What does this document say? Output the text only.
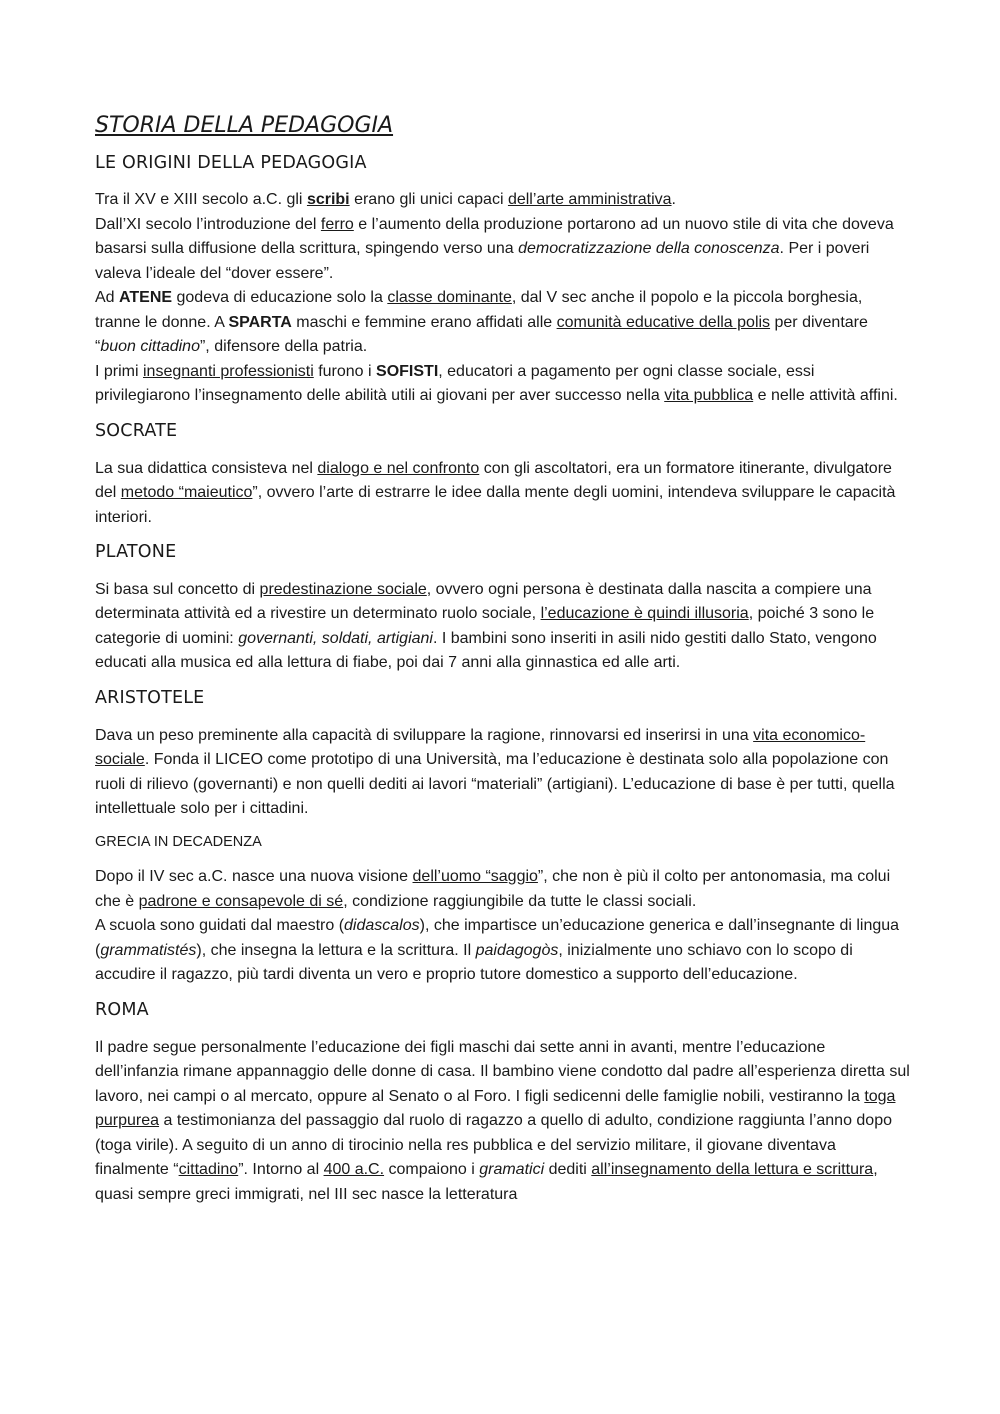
STORIA DELLA PEDAGOGIA
LE ORIGINI DELLA PEDAGOGIA

Tra il XV e XIII secolo a.C. gli scribi erano gli unici capaci dell’arte amministrativa.
Dall’XI secolo l’introduzione del ferro e l’aumento della produzione portarono ad un nuovo stile di vita che doveva basarsi sulla diffusione della scrittura, spingendo verso una democratizzazione della conoscenza. Per i poveri valeva l’ideale del “dover essere”.
Ad ATENE godeva di educazione solo la classe dominante, dal V sec anche il popolo e la piccola borghesia, tranne le donne. A SPARTA maschi e femmine erano affidati alle comunità educative della polis per diventare “buon cittadino”, difensore della patria.
I primi insegnanti professionisti furono i SOFISTI, educatori a pagamento per ogni classe sociale, essi privilegiarono l’insegnamento delle abilità utili ai giovani per aver successo nella vita pubblica e nelle attività affini.

SOCRATE

La sua didattica consisteva nel dialogo e nel confronto con gli ascoltatori, era un formatore itinerante, divulgatore del metodo “maieutico”, ovvero l’arte di estrarre le idee dalla mente degli uomini, intendeva sviluppare le capacità interiori.

PLATONE

Si basa sul concetto di predestinazione sociale, ovvero ogni persona è destinata dalla nascita a compiere una determinata attività ed a rivestire un determinato ruolo sociale, l’educazione è quindi illusoria, poiché 3 sono le categorie di uomini: governanti, soldati, artigiani. I bambini sono inseriti in asili nido gestiti dallo Stato, vengono educati alla musica ed alla lettura di fiabe, poi dai 7 anni alla ginnastica ed alle arti.

ARISTOTELE

Dava un peso preminente alla capacità di sviluppare la ragione, rinnovarsi ed inserirsi in una vita economico-sociale. Fonda il LICEO come prototipo di una Università, ma l’educazione è destinata solo alla popolazione con ruoli di rilievo (governanti) e non quelli dediti ai lavori “materiali” (artigiani). L’educazione di base è per tutti, quella intellettuale solo per i cittadini.

GRECIA IN DECADENZA

Dopo il IV sec a.C. nasce una nuova visione dell’uomo “saggio”, che non è più il colto per antonomasia, ma colui che è padrone e consapevole di sé, condizione raggiungibile da tutte le classi sociali.
A scuola sono guidati dal maestro (didascalos), che impartisce un’educazione generica e dall’insegnante di lingua (grammatistés), che insegna la lettura e la scrittura. Il paidagogòs, inizialmente uno schiavo con lo scopo di accudire il ragazzo, più tardi diventa un vero e proprio tutore domestico a supporto dell’educazione.

ROMA

Il padre segue personalmente l’educazione dei figli maschi dai sette anni in avanti, mentre l’educazione dell’infanzia rimane appannaggio delle donne di casa. Il bambino viene condotto dal padre all’esperienza diretta sul lavoro, nei campi o al mercato, oppure al Senato o al Foro. I figli sedicenni delle famiglie nobili, vestiranno la toga purpurea a testimonianza del passaggio dal ruolo di ragazzo a quello di adulto, condizione raggiunta l’anno dopo (toga virile). A seguito di un anno di tirocinio nella res pubblica e del servizio militare, il giovane diventava finalmente “cittadino”. Intorno al 400 a.C. compaiono i gramatici dediti all’insegnamento della lettura e scrittura, quasi sempre greci immigrati, nel III sec nasce la letteratura
